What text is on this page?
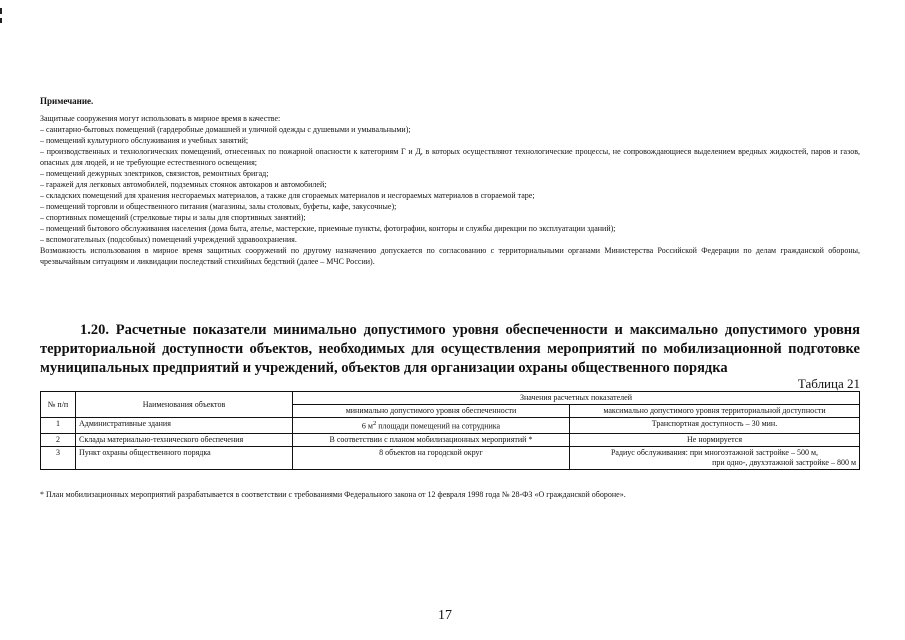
Примечание.

Защитные сооружения могут использовать в мирное время в качестве:

– санитарно-бытовых помещений (гардеробные домашней и уличной одежды с душевыми и умывальными);

– помещений культурного обслуживания и учебных занятий;

– производственных и технологических помещений, отнесенных по пожарной опасности к категориям Г и Д, в которых осуществляют технологические процессы, не сопровождающиеся выделением вредных жидкостей, паров и газов, опасных для людей, и не требующие естественного освещения;

– помещений дежурных электриков, связистов, ремонтных бригад;

– гаражей для легковых автомобилей, подземных стоянок автокаров и автомобилей;

– складских помещений для хранения несгораемых материалов, а также для сгораемых материалов и несгораемых материалов в сгораемой таре;

– помещений торговли и общественного питания (магазины, залы столовых, буфеты, кафе, закусочные);

– спортивных помещений (стрелковые тиры и залы для спортивных занятий);

– помещений бытового обслуживания населения (дома быта, ателье, мастерские, приемные пункты, фотографии, конторы и службы дирекции по эксплуатации зданий);

– вспомогательных (подсобных) помещений учреждений здравоохранения.

Возможность использования в мирное время защитных сооружений по другому назначению допускается по согласованию с территориальными органами Министерства Российской Федерации по делам гражданской обороны, чрезвычайным ситуациям и ликвидации последствий стихийных бедствий (далее – МЧС России).

1.20. Расчетные показатели минимально допустимого уровня обеспеченности и максимально допустимого уровня территориальной доступности объектов, необходимых для осуществления мероприятий по мобилизационной подготовке муниципальных предприятий и учреждений, объектов для организации охраны общественного порядка
Таблица 21
№ п/п	Наименования объектов	Значения расчетных показателей	
		минимально допустимого уровня обеспеченности	максимально допустимого уровня территориальной доступности
1	Административные здания	6 $м^2$ площади помещений на сотрудника	Транспортная доступность – 30 мин.
2	Склады материально-технического обеспечения	В соответствии с планом мобилизационных мероприятий *	Не нормируется
3	Пункт охраны общественного порядка	8 объектов на городской округ	Радиус обслуживания: при многоэтажной застройке – 500 м,
при одно-, двухэтажной застройке – 800 м
* План мобилизационных мероприятий разрабатывается в соответствии с требованиями Федерального закона от 12 февраля 1998 года № 28-ФЗ «О гражданской обороне».
17
